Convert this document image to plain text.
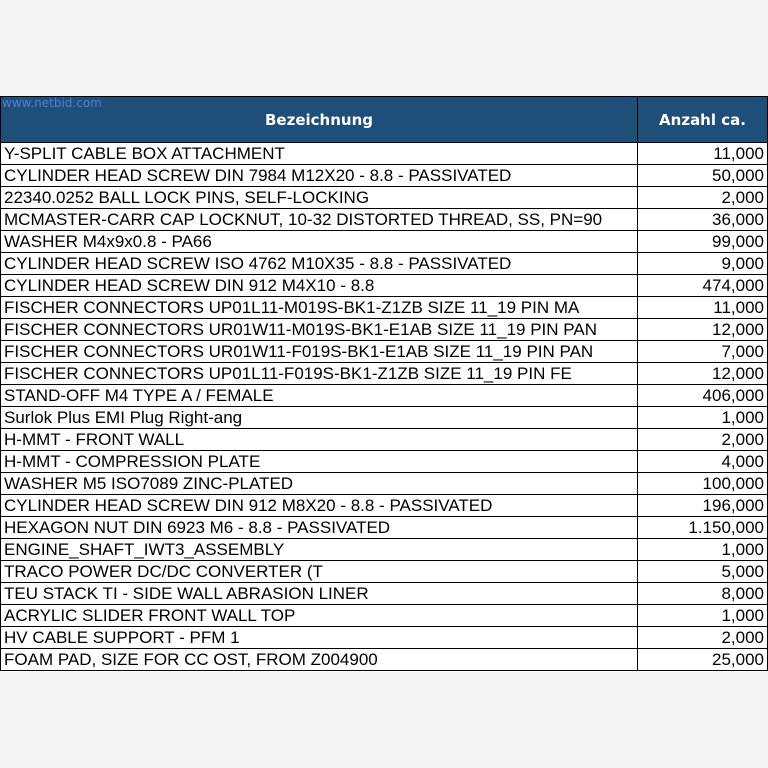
www.netbid.com
Bezeichnung	Anzahl ca.
Y-SPLIT CABLE BOX ATTACHMENT	11,000
CYLINDER HEAD SCREW DIN 7984 M12X20 - 8.8 - PASSIVATED	50,000
22340.0252 BALL LOCK PINS, SELF-LOCKING	2,000
MCMASTER-CARR CAP LOCKNUT, 10-32 DISTORTED THREAD, SS, PN=90	36,000
WASHER M4x9x0.8 - PA66	99,000
CYLINDER HEAD SCREW ISO 4762 M10X35 - 8.8 - PASSIVATED	9,000
CYLINDER HEAD SCREW DIN 912 M4X10 - 8.8	474,000
FISCHER CONNECTORS UP01L11-M019S-BK1-Z1ZB SIZE 11_19 PIN MA	11,000
FISCHER CONNECTORS UR01W11-M019S-BK1-E1AB SIZE 11_19 PIN PAN	12,000
FISCHER CONNECTORS UR01W11-F019S-BK1-E1AB SIZE 11_19 PIN PAN	7,000
FISCHER CONNECTORS UP01L11-F019S-BK1-Z1ZB SIZE 11_19 PIN FE	12,000
STAND-OFF M4 TYPE A / FEMALE	406,000
Surlok Plus EMI Plug Right-ang	1,000
H-MMT - FRONT WALL	2,000
H-MMT - COMPRESSION PLATE	4,000
WASHER M5 ISO7089 ZINC-PLATED	100,000
CYLINDER HEAD SCREW DIN 912 M8X20 - 8.8 - PASSIVATED	196,000
HEXAGON NUT DIN 6923 M6 - 8.8 - PASSIVATED	1.150,000
ENGINE_SHAFT_IWT3_ASSEMBLY	1,000
TRACO POWER DC/DC CONVERTER (T	5,000
TEU STACK TI - SIDE WALL ABRASION LINER	8,000
ACRYLIC SLIDER FRONT WALL TOP	1,000
HV CABLE SUPPORT - PFM 1	2,000
FOAM PAD, SIZE FOR CC OST, FROM Z004900	25,000
